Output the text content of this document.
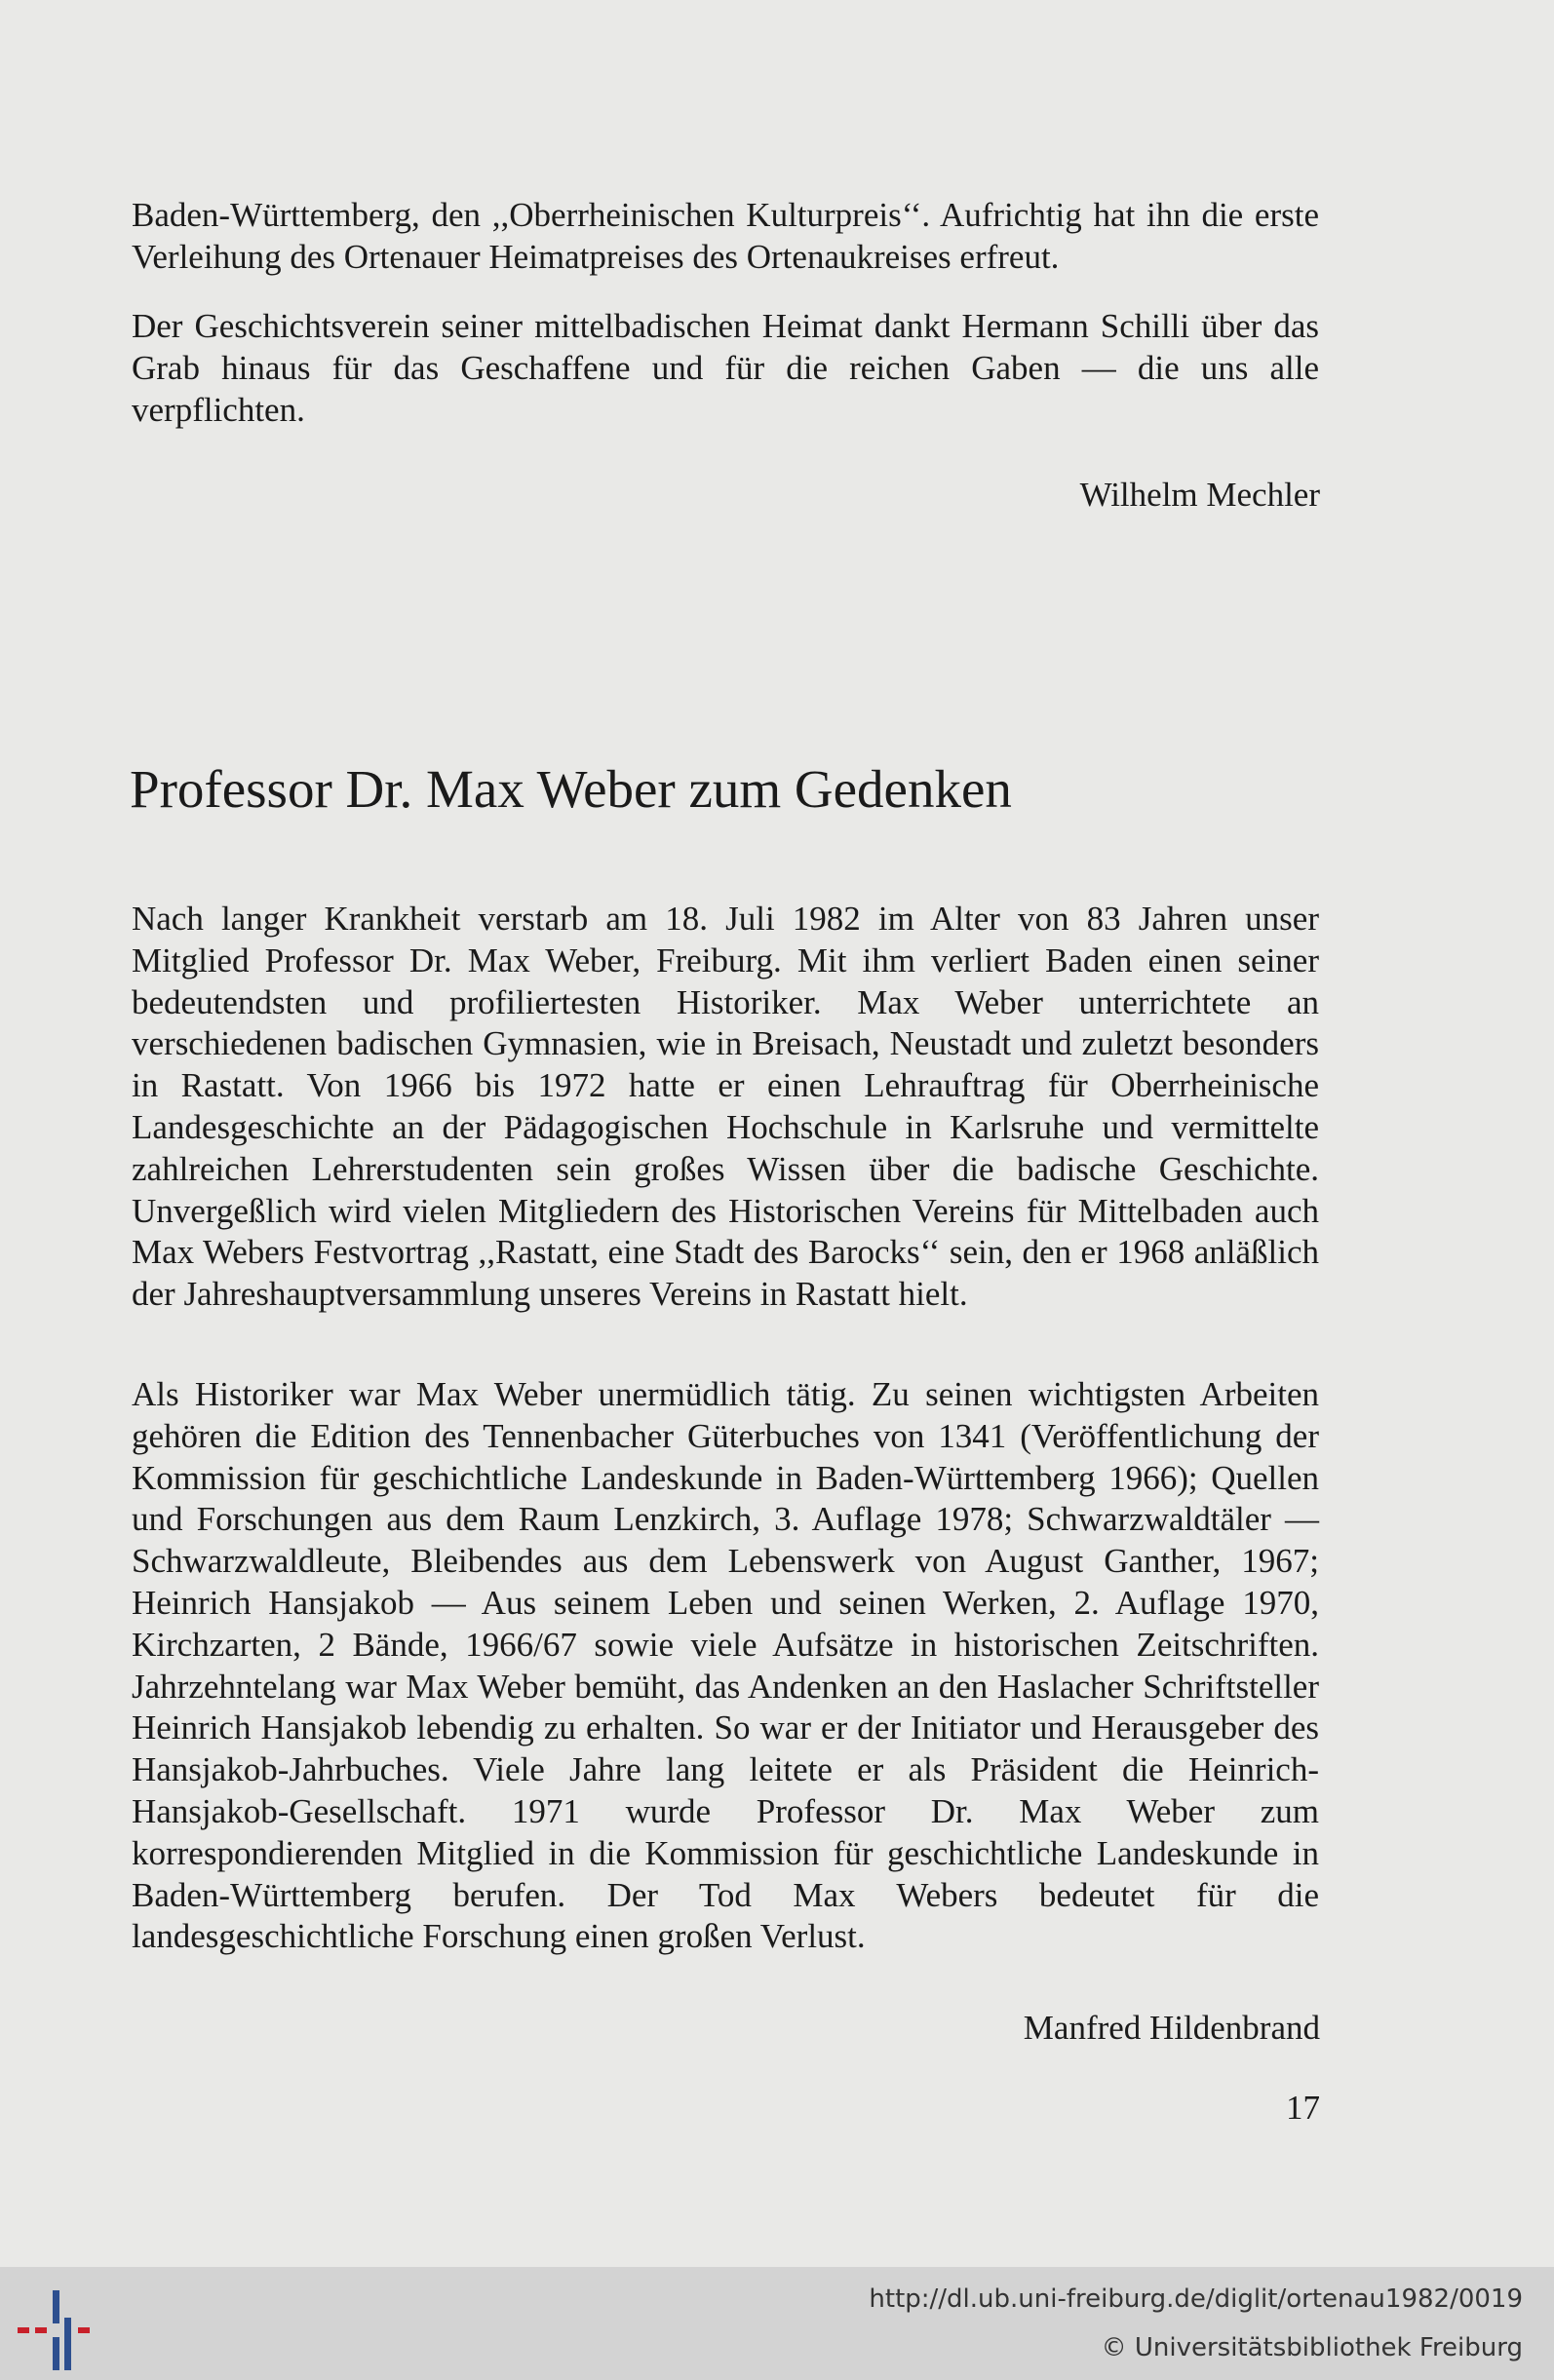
Baden-Württemberg, den ,,Oberrheinischen Kulturpreis‘‘. Aufrichtig hat ihn die erste Verleihung des Ortenauer Heimatpreises des Ortenaukreises erfreut.

Der Geschichtsverein seiner mittelbadischen Heimat dankt Hermann Schilli über das Grab hinaus für das Geschaffene und für die reichen Gaben — die uns alle verpflichten.

Wilhelm Mechler

Professor Dr. Max Weber zum Gedenken

Nach langer Krankheit verstarb am 18. Juli 1982 im Alter von 83 Jahren unser Mitglied Professor Dr. Max Weber, Freiburg. Mit ihm verliert Baden einen seiner bedeutendsten und profiliertesten Historiker. Max Weber unterrichtete an verschiedenen badischen Gymnasien, wie in Breisach, Neustadt und zuletzt besonders in Rastatt. Von 1966 bis 1972 hatte er einen Lehrauftrag für Oberrheinische Landesgeschichte an der Pädagogischen Hochschule in Karlsruhe und vermittelte zahlreichen Lehrerstudenten sein großes Wissen über die badische Geschichte. Unvergeßlich wird vielen Mitgliedern des Historischen Vereins für Mittelbaden auch Max Webers Festvortrag ,,Rastatt, eine Stadt des Barocks‘‘ sein, den er 1968 anläßlich der Jahreshauptversammlung unseres Vereins in Rastatt hielt.

Als Historiker war Max Weber unermüdlich tätig. Zu seinen wichtigsten Arbeiten gehören die Edition des Tennenbacher Güterbuches von 1341 (Veröffentlichung der Kommission für geschichtliche Landeskunde in Baden-Württemberg 1966); Quellen und Forschungen aus dem Raum Lenzkirch, 3. Auflage 1978; Schwarzwaldtäler — Schwarzwaldleute, Bleibendes aus dem Lebenswerk von August Ganther, 1967; Heinrich Hansjakob — Aus seinem Leben und seinen Werken, 2. Auflage 1970, Kirchzarten, 2 Bände, 1966/67 sowie viele Aufsätze in historischen Zeitschriften. Jahrzehntelang war Max Weber bemüht, das Andenken an den Haslacher Schriftsteller Heinrich Hansjakob lebendig zu erhalten. So war er der Initiator und Herausgeber des Hansjakob-Jahrbuches. Viele Jahre lang leitete er als Präsident die Heinrich-Hansjakob-Gesellschaft. 1971 wurde Professor Dr. Max Weber zum korrespondierenden Mitglied in die Kommission für geschichtliche Landeskunde in Baden-Württemberg berufen. Der Tod Max Webers bedeutet für die landesgeschichtliche Forschung einen großen Verlust.

Manfred Hildenbrand

17

http://dl.ub.uni-freiburg.de/diglit/ortenau1982/0019
© Universitätsbibliothek Freiburg
